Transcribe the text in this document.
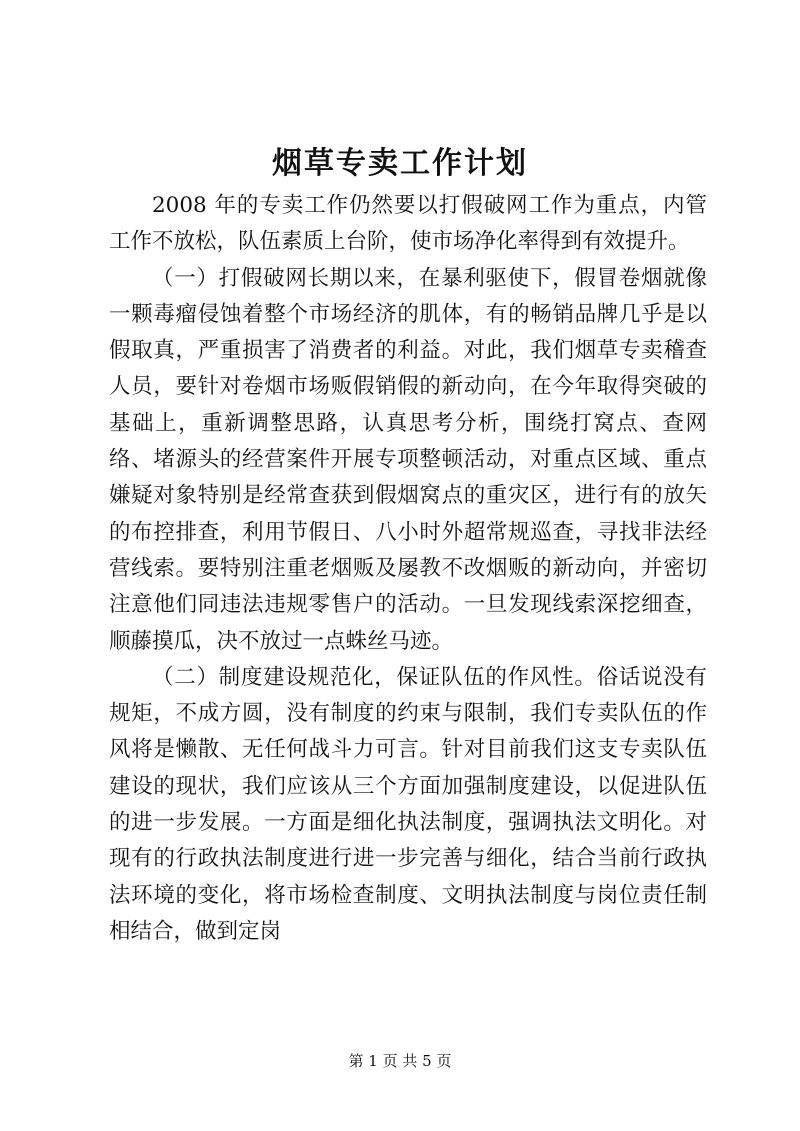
烟草专卖工作计划

2008 年的专卖工作仍然要以打假破网工作为重点，内管工作不放松，队伍素质上台阶，使市场净化率得到有效提升。

（一）打假破网长期以来，在暴利驱使下，假冒卷烟就像一颗毒瘤侵蚀着整个市场经济的肌体，有的畅销品牌几乎是以假取真，严重损害了消费者的利益。对此，我们烟草专卖稽查人员，要针对卷烟市场贩假销假的新动向，在今年取得突破的基础上，重新调整思路，认真思考分析，围绕打窝点、查网络、堵源头的经营案件开展专项整顿活动，对重点区域、重点嫌疑对象特别是经常查获到假烟窝点的重灾区，进行有的放矢的布控排查，利用节假日、八小时外超常规巡查，寻找非法经营线索。要特别注重老烟贩及屡教不改烟贩的新动向，并密切注意他们同违法违规零售户的活动。一旦发现线索深挖细查，顺藤摸瓜，决不放过一点蛛丝马迹。

（二）制度建设规范化，保证队伍的作风性。俗话说没有规矩，不成方圆，没有制度的约束与限制，我们专卖队伍的作风将是懒散、无任何战斗力可言。针对目前我们这支专卖队伍建设的现状，我们应该从三个方面加强制度建设，以促进队伍的进一步发展。一方面是细化执法制度，强调执法文明化。对现有的行政执法制度进行进一步完善与细化，结合当前行政执法环境的变化，将市场检查制度、文明执法制度与岗位责任制相结合，做到定岗

第 1 页 共 5 页
